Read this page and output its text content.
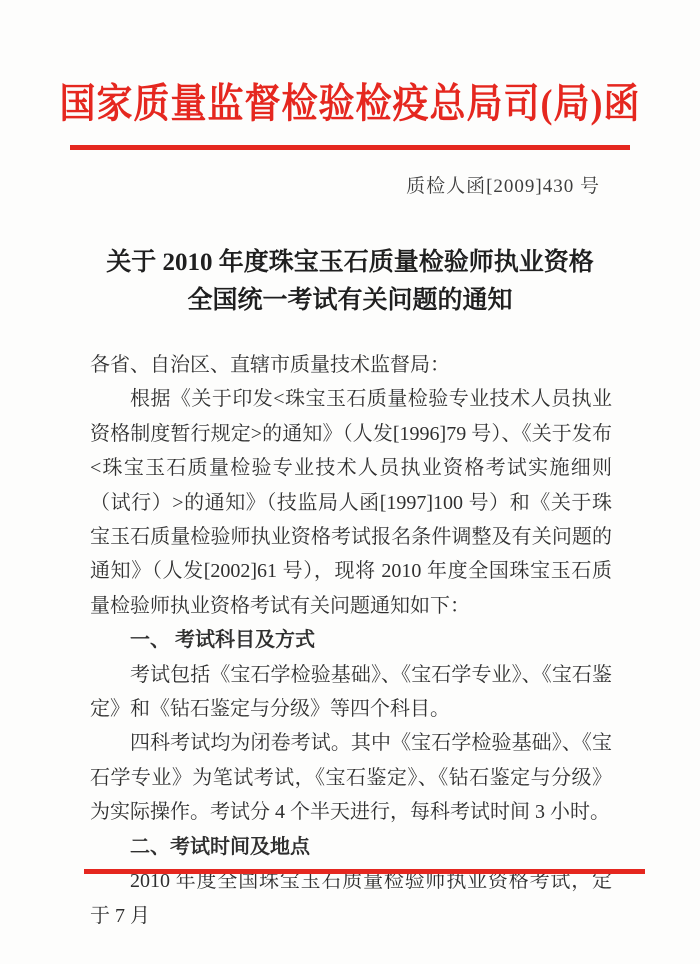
国家质量监督检验检疫总局司(局)函
质检人函[2009]430 号
关于 2010 年度珠宝玉石质量检验师执业资格
全国统一考试有关问题的通知

各省、自治区、直辖市质量技术监督局：

根据《关于印发<珠宝玉石质量检验专业技术人员执业资格制度暂行规定>的通知》（人发[1996]79 号）、《关于发布<珠宝玉石质量检验专业技术人员执业资格考试实施细则（试行）>的通知》（技监局人函[1997]100 号）和《关于珠宝玉石质量检验师执业资格考试报名条件调整及有关问题的通知》（人发[2002]61 号），现将 2010 年度全国珠宝玉石质量检验师执业资格考试有关问题通知如下：

一、 考试科目及方式

考试包括《宝石学检验基础》、《宝石学专业》、《宝石鉴定》和《钻石鉴定与分级》等四个科目。

四科考试均为闭卷考试。其中《宝石学检验基础》、《宝石学专业》为笔试考试，《宝石鉴定》、《钻石鉴定与分级》为实际操作。考试分 4 个半天进行，每科考试时间 3 小时。

二、考试时间及地点

2010 年度全国珠宝玉石质量检验师执业资格考试，定于 7 月
